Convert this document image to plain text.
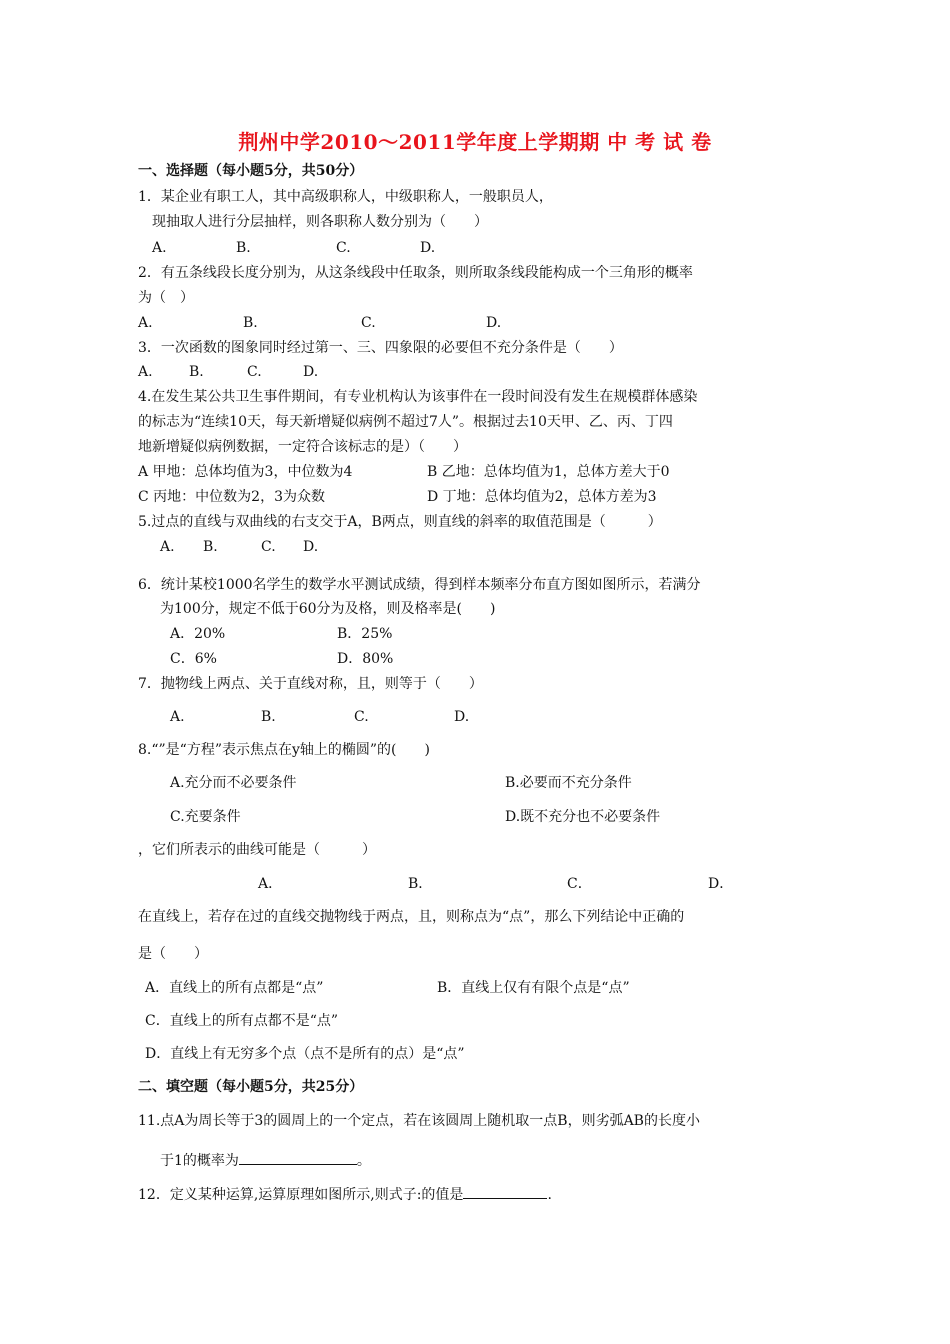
荆州中学2010～2011学年度上学期期 中 考 试 卷
一、选择题（每小题5分，共50分）
1．某企业有职工人，其中高级职称人，中级职称人，一般职员人，
现抽取人进行分层抽样，则各职称人数分别为（　　）
A.	B.	C.	D.
2．有五条线段长度分别为，从这条线段中任取条，则所取条线段能构成一个三角形的概率
为（　）
A.	B.	C.	D.
3．一次函数的图象同时经过第一、三、四象限的必要但不充分条件是（　　）
A.	B.	C.	D.
4.在发生某公共卫生事件期间，有专业机构认为该事件在一段时间没有发生在规模群体感染
的标志为“连续10天，每天新增疑似病例不超过7人”。根据过去10天甲、乙、丙、丁四
地新增疑似病例数据，一定符合该标志的是）（　　）
A 甲地：总体均值为3，中位数为4	B 乙地：总体均值为1，总体方差大于0
C 丙地：中位数为2，3为众数	D 丁地：总体均值为2，总体方差为3
5.过点的直线与双曲线的右支交于A，B两点，则直线的斜率的取值范围是（　　　）
A. B.	C. D.
6．统计某校1000名学生的数学水平测试成绩，得到样本频率分布直方图如图所示，若满分
为100分，规定不低于60分为及格，则及格率是(　　)
A．20%	B．25%
C．6%	D．80%
7．抛物线上两点、关于直线对称，且，则等于（　　）
A.	B.	C.	D.
8.“”是“方程”表示焦点在y轴上的椭圆”的(　　)
A.充分而不必要条件	B.必要而不充分条件
C.充要条件	D.既不充分也不必要条件
，它们所表示的曲线可能是（　　　）
A．	B．	C．	D．
在直线上，若存在过的直线交抛物线于两点，且，则称点为“点”，那么下列结论中正确的
是（　　）
A．直线上的所有点都是“点”	B．直线上仅有有限个点是“点”
C．直线上的所有点都不是“点”
D．直线上有无穷多个点（点不是所有的点）是“点”
二、填空题（每小题5分，共25分）
11.点A为周长等于3的圆周上的一个定点，若在该圆周上随机取一点B，则劣弧AB的长度小
于1的概率为	。
12．定义某种运算,运算原理如图所示,则式子:的值是	.
